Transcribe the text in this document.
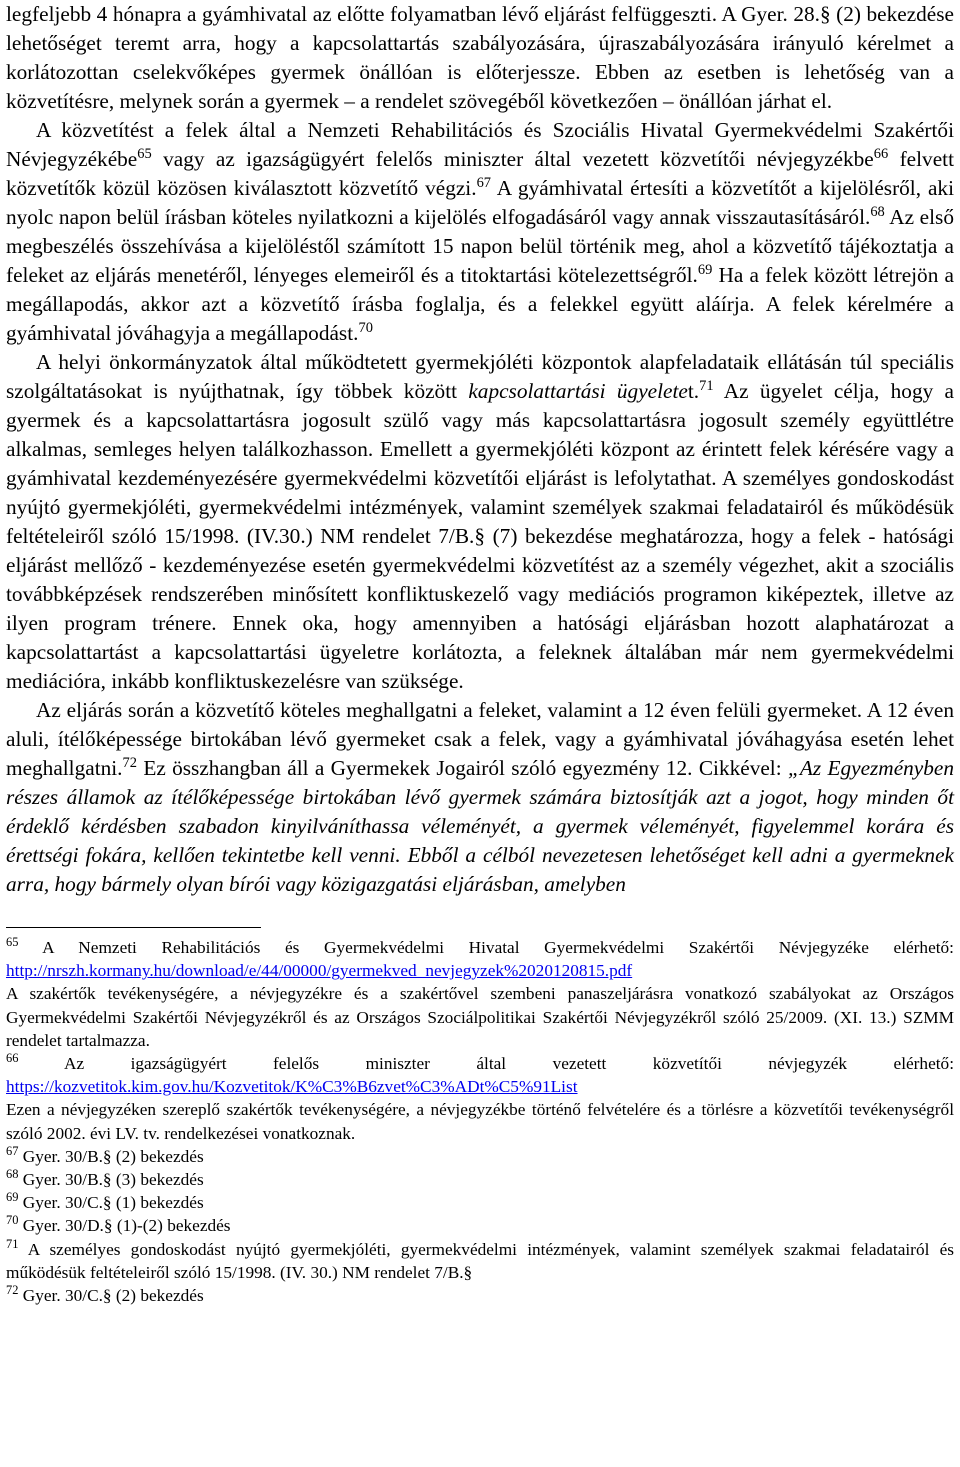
legfeljebb 4 hónapra a gyámhivatal az előtte folyamatban lévő eljárást felfüggeszti. A Gyer. 28.§ (2) bekezdése lehetőséget teremt arra, hogy a kapcsolattartás szabályozására, újraszabályozására irányuló kérelmet a korlátozottan cselekvőképes gyermek önállóan is előterjessze. Ebben az esetben is lehetőség van a közvetítésre, melynek során a gyermek – a rendelet szövegéből következően – önállóan járhat el.

A közvetítést a felek által a Nemzeti Rehabilitációs és Szociális Hivatal Gyermekvédelmi Szakértői Névjegyzékébe$^{65}$ vagy az igazságügyért felelős miniszter által vezetett közvetítői névjegyzékbe$^{66}$ felvett közvetítők közül közösen kiválasztott közvetítő végzi.$^{67}$ A gyámhivatal értesíti a közvetítőt a kijelölésről, aki nyolc napon belül írásban köteles nyilatkozni a kijelölés elfogadásáról vagy annak visszautasításáról.$^{68}$ Az első megbeszélés összehívása a kijelöléstől számított 15 napon belül történik meg, ahol a közvetítő tájékoztatja a feleket az eljárás menetéről, lényeges elemeiről és a titoktartási kötelezettségről.$^{69}$ Ha a felek között létrejön a megállapodás, akkor azt a közvetítő írásba foglalja, és a felekkel együtt aláírja. A felek kérelmére a gyámhivatal jóváhagyja a megállapodást.$^{70}$

A helyi önkormányzatok által működtetett gyermekjóléti központok alapfeladataik ellátásán túl speciális szolgáltatásokat is nyújthatnak, így többek között kapcsolattartási ügyeletet.$^{71}$ Az ügyelet célja, hogy a gyermek és a kapcsolattartásra jogosult szülő vagy más kapcsolattartásra jogosult személy együttlétre alkalmas, semleges helyen találkozhasson. Emellett a gyermekjóléti központ az érintett felek kérésére vagy a gyámhivatal kezdeményezésére gyermekvédelmi közvetítői eljárást is lefolytathat. A személyes gondoskodást nyújtó gyermekjóléti, gyermekvédelmi intézmények, valamint személyek szakmai feladatairól és működésük feltételeiről szóló 15/1998. (IV.30.) NM rendelet 7/B.§ (7) bekezdése meghatározza, hogy a felek - hatósági eljárást mellőző - kezdeményezése esetén gyermekvédelmi közvetítést az a személy végezhet, akit a szociális továbbképzések rendszerében minősített konfliktuskezelő vagy mediációs programon kiképeztek, illetve az ilyen program trénere. Ennek oka, hogy amennyiben a hatósági eljárásban hozott alaphatározat a kapcsolattartást a kapcsolattartási ügyeletre korlátozta, a feleknek általában már nem gyermekvédelmi mediációra, inkább konfliktuskezelésre van szüksége.

Az eljárás során a közvetítő köteles meghallgatni a feleket, valamint a 12 éven felüli gyermeket. A 12 éven aluli, ítélőképessége birtokában lévő gyermeket csak a felek, vagy a gyámhivatal jóváhagyása esetén lehet meghallgatni.$^{72}$ Ez összhangban áll a Gyermekek Jogairól szóló egyezmény 12. Cikkével: „Az Egyezményben részes államok az ítélőképessége birtokában lévő gyermek számára biztosítják azt a jogot, hogy minden őt érdeklő kérdésben szabadon kinyilváníthassa véleményét, a gyermek véleményét, figyelemmel korára és érettségi fokára, kellően tekintetbe kell venni. Ebből a célból nevezetesen lehetőséget kell adni a gyermeknek arra, hogy bármely olyan bírói vagy közigazgatási eljárásban, amelyben

$^{65}$ A Nemzeti Rehabilitációs és Gyermekvédelmi Hivatal Gyermekvédelmi Szakértői Névjegyzéke elérhető: http://nrszh.kormany.hu/download/e/44/00000/gyermekved_nevjegyzek%2020120815.pdf

A szakértők tevékenységére, a névjegyzékre és a szakértővel szembeni panaszeljárásra vonatkozó szabályokat az Országos Gyermekvédelmi Szakértői Névjegyzékről és az Országos Szociálpolitikai Szakértői Névjegyzékről szóló 25/2009. (XI. 13.) SZMM rendelet tartalmazza.

$^{66}$ Az igazságügyért felelős miniszter által vezetett közvetítői névjegyzék elérhető: https://kozvetitok.kim.gov.hu/Kozvetitok/K%C3%B6zvet%C3%ADt%C5%91List

Ezen a névjegyzéken szereplő szakértők tevékenységére, a névjegyzékbe történő felvételére és a törlésre a közvetítői tevékenységről szóló 2002. évi LV. tv. rendelkezései vonatkoznak.

$^{67}$ Gyer. 30/B.§ (2) bekezdés

$^{68}$ Gyer. 30/B.§ (3) bekezdés

$^{69}$ Gyer. 30/C.§ (1) bekezdés

$^{70}$ Gyer. 30/D.§ (1)-(2) bekezdés

$^{71}$ A személyes gondoskodást nyújtó gyermekjóléti, gyermekvédelmi intézmények, valamint személyek szakmai feladatairól és működésük feltételeiről szóló 15/1998. (IV. 30.) NM rendelet 7/B.§

$^{72}$ Gyer. 30/C.§ (2) bekezdés
